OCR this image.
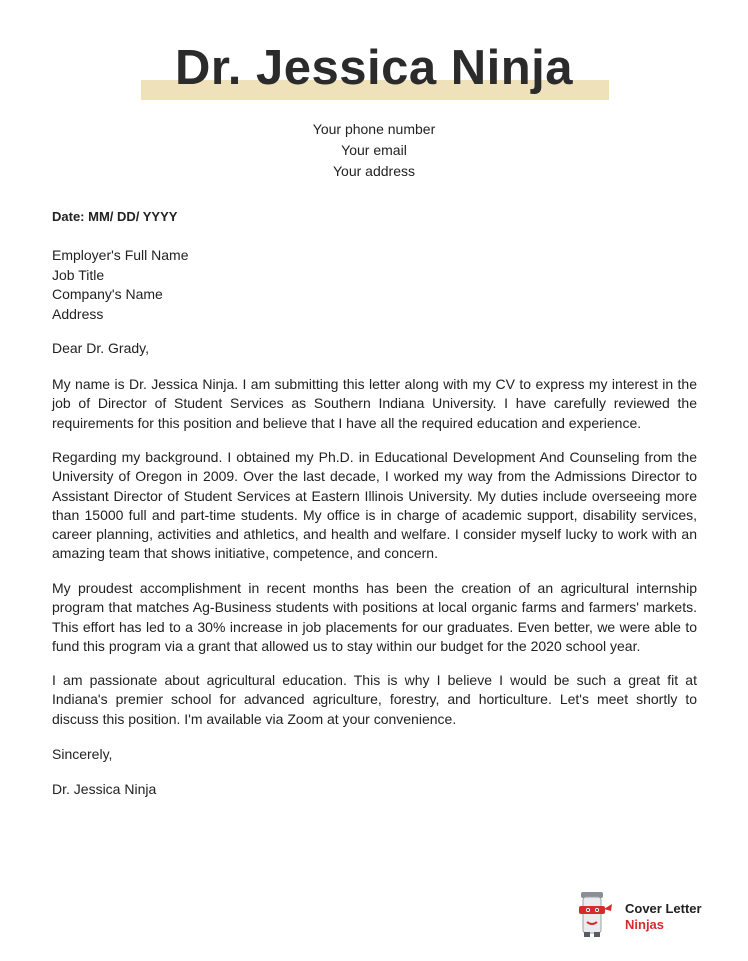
Dr. Jessica Ninja
Your phone number
Your email
Your address
Date: MM/ DD/ YYYY
Employer's Full Name
Job Title
Company's Name
Address
Dear Dr. Grady,
My name is Dr. Jessica Ninja. I am submitting this letter along with my CV to express my interest in the job of Director of Student Services as Southern Indiana University. I have carefully reviewed the requirements for this position and believe that I have all the required education and experience.
Regarding my background. I obtained my Ph.D. in Educational Development And Counseling from the University of Oregon in 2009. Over the last decade, I worked my way from the Admissions Director to Assistant Director of Student Services at Eastern Illinois University. My duties include overseeing more than 15000 full and part-time students. My office is in charge of academic support, disability services, career planning, activities and athletics, and health and welfare. I consider myself lucky to work with an amazing team that shows initiative, competence, and concern.
My proudest accomplishment in recent months has been the creation of an agricultural internship program that matches Ag-Business students with positions at local organic farms and farmers' markets. This effort has led to a 30% increase in job placements for our graduates. Even better, we were able to fund this program via a grant that allowed us to stay within our budget for the 2020 school year.
I am passionate about agricultural education. This is why I believe I would be such a great fit at Indiana's premier school for advanced agriculture, forestry, and horticulture. Let's meet shortly to discuss this position. I'm available via Zoom at your convenience.
Sincerely,
Dr. Jessica Ninja
Cover Letter
Ninjas
